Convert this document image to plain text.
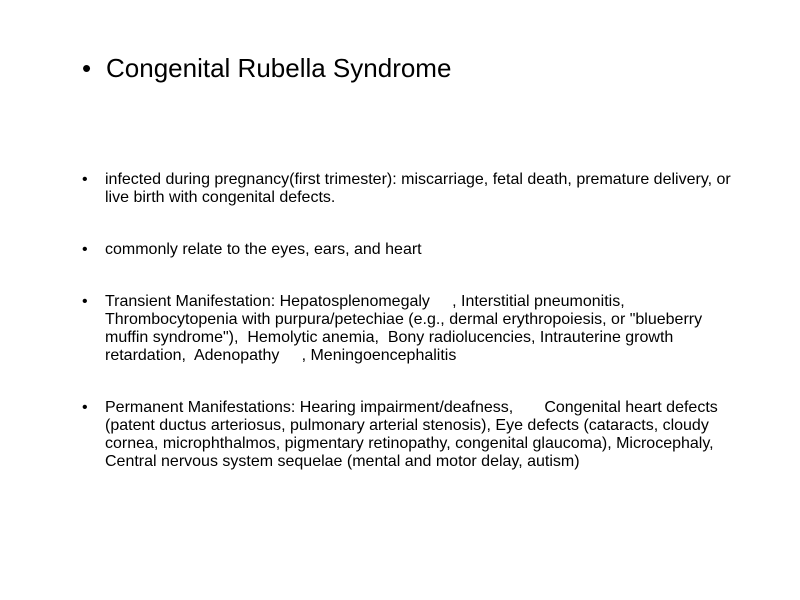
• Congenital Rubella Syndrome
•	infected during pregnancy(first trimester): miscarriage, fetal death, premature delivery, or live birth with congenital defects.
•	commonly relate to the eyes, ears, and heart
•	Transient Manifestation: Hepatosplenomegaly     , Interstitial pneumonitis,    Thrombocytopenia with purpura/petechiae (e.g., dermal erythropoiesis, or "blueberry muffin syndrome"),  Hemolytic anemia,  Bony radiolucencies, Intrauterine growth retardation,  Adenopathy     , Meningoencephalitis
•	Permanent Manifestations: Hearing impairment/deafness,       Congenital heart defects (patent ductus arteriosus, pulmonary arterial stenosis), Eye defects (cataracts, cloudy cornea, microphthalmos, pigmentary retinopathy, congenital glaucoma), Microcephaly,       Central nervous system sequelae (mental and motor delay, autism)
